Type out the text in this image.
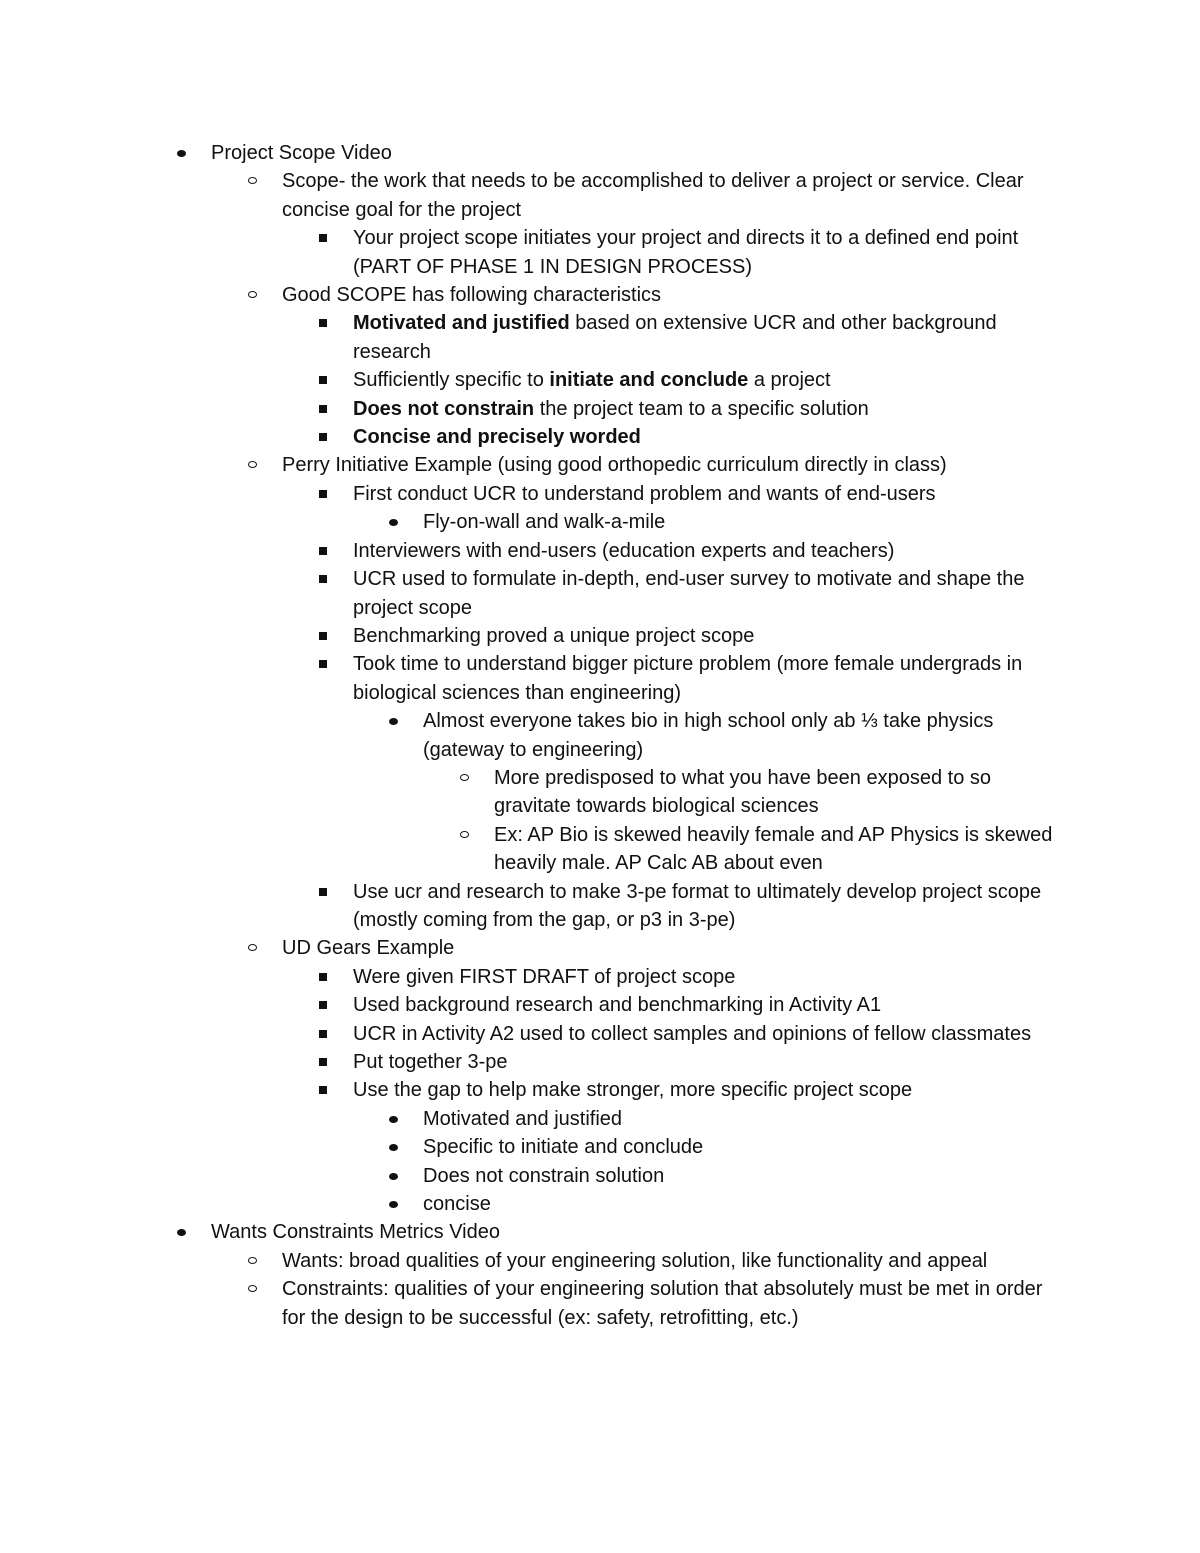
Project Scope Video
Scope- the work that needs to be accomplished to deliver a project or service. Clear concise goal for the project
Your project scope initiates your project and directs it to a defined end point (PART OF PHASE 1 IN DESIGN PROCESS)
Good SCOPE has following characteristics
Motivated and justified based on extensive UCR and other background research
Sufficiently specific to initiate and conclude a project
Does not constrain the project team to a specific solution
Concise and precisely worded
Perry Initiative Example (using good orthopedic curriculum directly in class)
First conduct UCR to understand problem and wants of end-users
Fly-on-wall and walk-a-mile
Interviewers with end-users (education experts and teachers)
UCR used to formulate in-depth, end-user survey to motivate and shape the project scope
Benchmarking proved a unique project scope
Took time to understand bigger picture problem (more female undergrads in biological sciences than engineering)
Almost everyone takes bio in high school only ab ⅓ take physics (gateway to engineering)
More predisposed to what you have been exposed to so gravitate towards biological sciences
Ex: AP Bio is skewed heavily female and AP Physics is skewed heavily male. AP Calc AB about even
Use ucr and research to make 3-pe format to ultimately develop project scope (mostly coming from the gap, or p3 in 3-pe)
UD Gears Example
Were given FIRST DRAFT of project scope
Used background research and benchmarking in Activity A1
UCR in Activity A2 used to collect samples and opinions of fellow classmates
Put together 3-pe
Use the gap to help make stronger, more specific project scope
Motivated and justified
Specific to initiate and conclude
Does not constrain solution
concise
Wants Constraints Metrics Video
Wants: broad qualities of your engineering solution, like functionality and appeal
Constraints: qualities of your engineering solution that absolutely must be met in order for the design to be successful (ex: safety, retrofitting, etc.)
